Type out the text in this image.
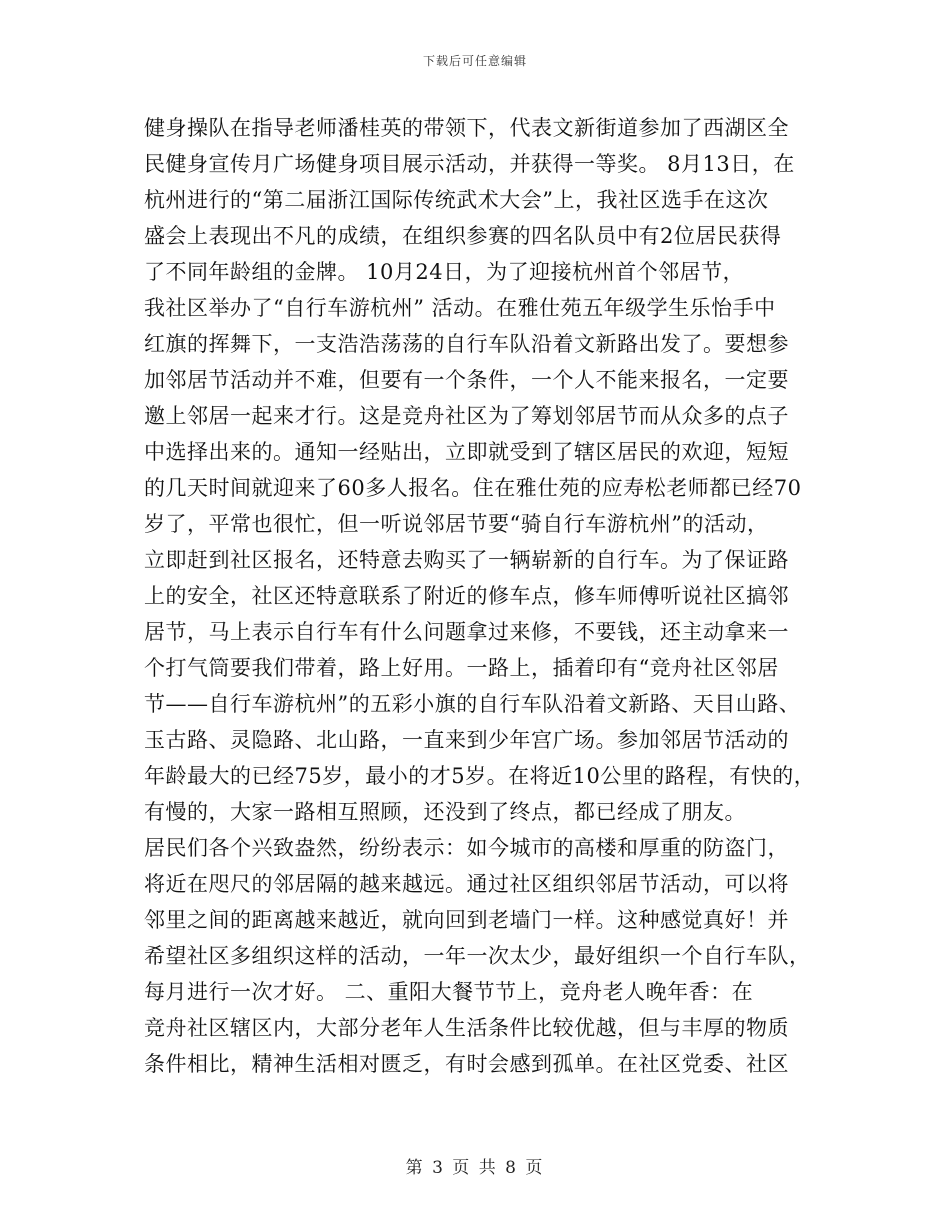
下载后可任意编辑
健身操队在指导老师潘桂英的带领下，代表文新街道参加了西湖区全
民健身宣传月广场健身项目展示活动，并获得一等奖。 8月13日，在
杭州进行的“第二届浙江国际传统武术大会”上，我社区选手在这次
盛会上表现出不凡的成绩，在组织参赛的四名队员中有2位居民获得
了不同年龄组的金牌。 10月24日，为了迎接杭州首个邻居节，
我社区举办了“自行车游杭州” 活动。在雅仕苑五年级学生乐怡手中
红旗的挥舞下，一支浩浩荡荡的自行车队沿着文新路出发了。要想参
加邻居节活动并不难，但要有一个条件，一个人不能来报名，一定要
邀上邻居一起来才行。这是竞舟社区为了筹划邻居节而从众多的点子
中选择出来的。通知一经贴出，立即就受到了辖区居民的欢迎，短短
的几天时间就迎来了60多人报名。住在雅仕苑的应寿松老师都已经70
岁了，平常也很忙，但一听说邻居节要“骑自行车游杭州”的活动，
立即赶到社区报名，还特意去购买了一辆崭新的自行车。为了保证路
上的安全，社区还特意联系了附近的修车点，修车师傅听说社区搞邻
居节，马上表示自行车有什么问题拿过来修，不要钱，还主动拿来一
个打气筒要我们带着，路上好用。一路上，插着印有“竞舟社区邻居
节——自行车游杭州”的五彩小旗的自行车队沿着文新路、天目山路、
玉古路、灵隐路、北山路，一直来到少年宫广场。参加邻居节活动的
年龄最大的已经75岁，最小的才5岁。在将近10公里的路程，有快的，
有慢的，大家一路相互照顾，还没到了终点，都已经成了朋友。
居民们各个兴致盎然，纷纷表示：如今城市的高楼和厚重的防盗门，
将近在咫尺的邻居隔的越来越远。通过社区组织邻居节活动，可以将
邻里之间的距离越来越近，就向回到老墙门一样。这种感觉真好！并
希望社区多组织这样的活动，一年一次太少，最好组织一个自行车队，
每月进行一次才好。 二、重阳大餐节节上，竞舟老人晚年香：在
竞舟社区辖区内，大部分老年人生活条件比较优越，但与丰厚的物质
条件相比，精神生活相对匮乏，有时会感到孤单。在社区党委、社区
第 3 页 共 8 页
